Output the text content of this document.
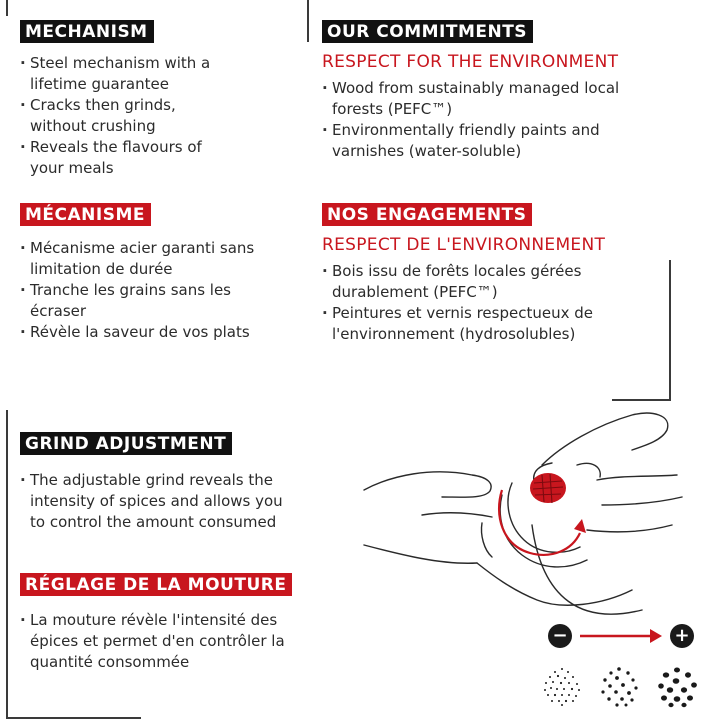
MECHANISM
· Steel mechanism with a lifetime guarantee
· Cracks then grinds, without crushing
· Reveals the flavours of your meals
MÉCANISME
· Mécanisme acier garanti sans limitation de durée
· Tranche les grains sans les écraser
· Révèle la saveur de vos plats
OUR COMMITMENTS
RESPECT FOR THE ENVIRONMENT
· Wood from sustainably managed local forests (PEFC™)
· Environmentally friendly paints and varnishes (water-soluble)
NOS ENGAGEMENTS
RESPECT DE L'ENVIRONNEMENT
· Bois issu de forêts locales gérées durablement (PEFC™)
· Peintures et vernis respectueux de l'environnement (hydrosolubles)
GRIND ADJUSTMENT
· The adjustable grind reveals the intensity of spices and allows you to control the amount consumed
RÉGLAGE DE LA MOUTURE
· La mouture révèle l'intensité des épices et permet d'en contrôler la quantité consommée
−	+
